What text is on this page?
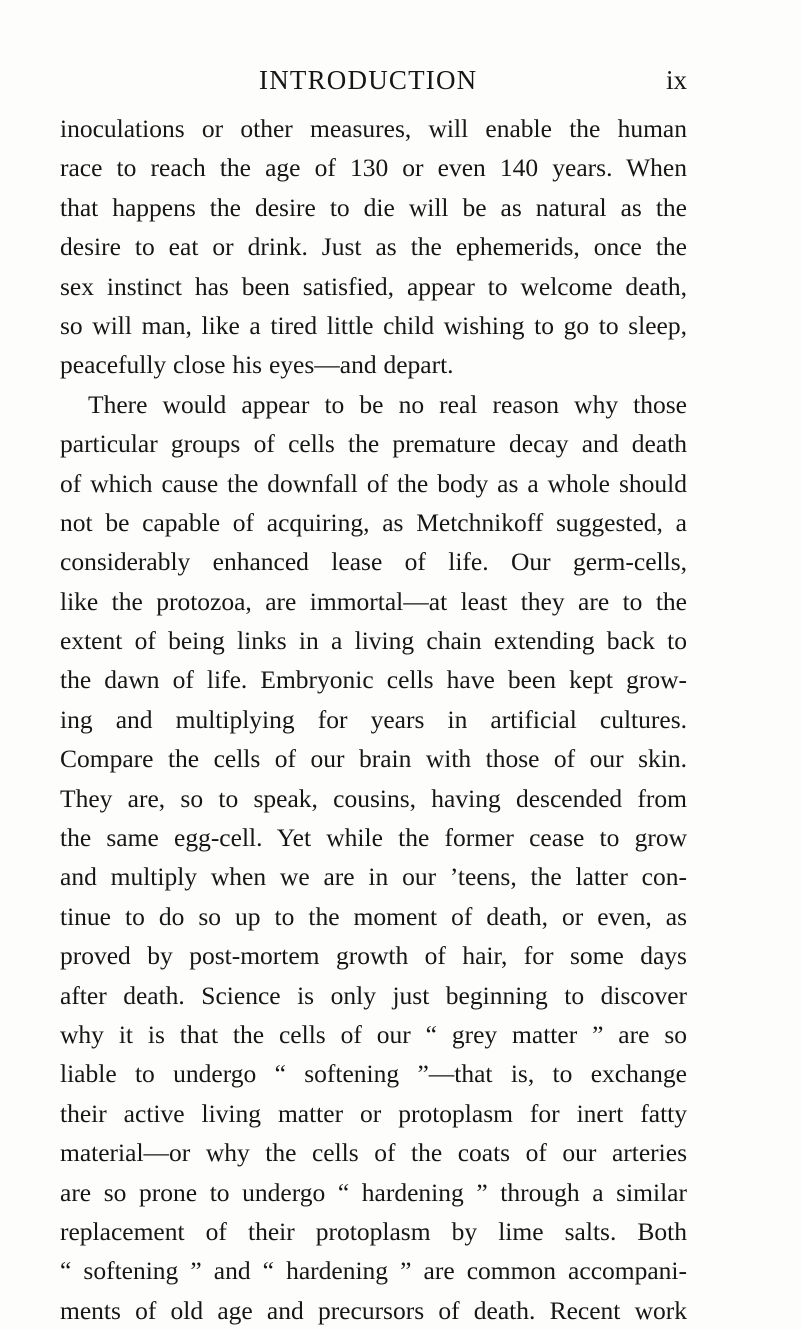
INTRODUCTION	ix
inoculations or other measures, will enable the human
race to reach the age of 130 or even 140 years. When
that happens the desire to die will be as natural as the
desire to eat or drink. Just as the ephemerids, once the
sex instinct has been satisfied, appear to welcome death,
so will man, like a tired little child wishing to go to sleep,
peacefully close his eyes—and depart.
There would appear to be no real reason why those
particular groups of cells the premature decay and death
of which cause the downfall of the body as a whole should
not be capable of acquiring, as Metchnikoff suggested, a
considerably enhanced lease of life. Our germ-cells,
like the protozoa, are immortal—at least they are to the
extent of being links in a living chain extending back to
the dawn of life. Embryonic cells have been kept grow-
ing and multiplying for years in artificial cultures.
Compare the cells of our brain with those of our skin.
They are, so to speak, cousins, having descended from
the same egg-cell. Yet while the former cease to grow
and multiply when we are in our ’teens, the latter con-
tinue to do so up to the moment of death, or even, as
proved by post-mortem growth of hair, for some days
after death. Science is only just beginning to discover
why it is that the cells of our “ grey matter ” are so
liable to undergo “ softening ”—that is, to exchange
their active living matter or protoplasm for inert fatty
material—or why the cells of the coats of our arteries
are so prone to undergo “ hardening ” through a similar
replacement of their protoplasm by lime salts. Both
“ softening ” and “ hardening ” are common accompani-
ments of old age and precursors of death. Recent work
